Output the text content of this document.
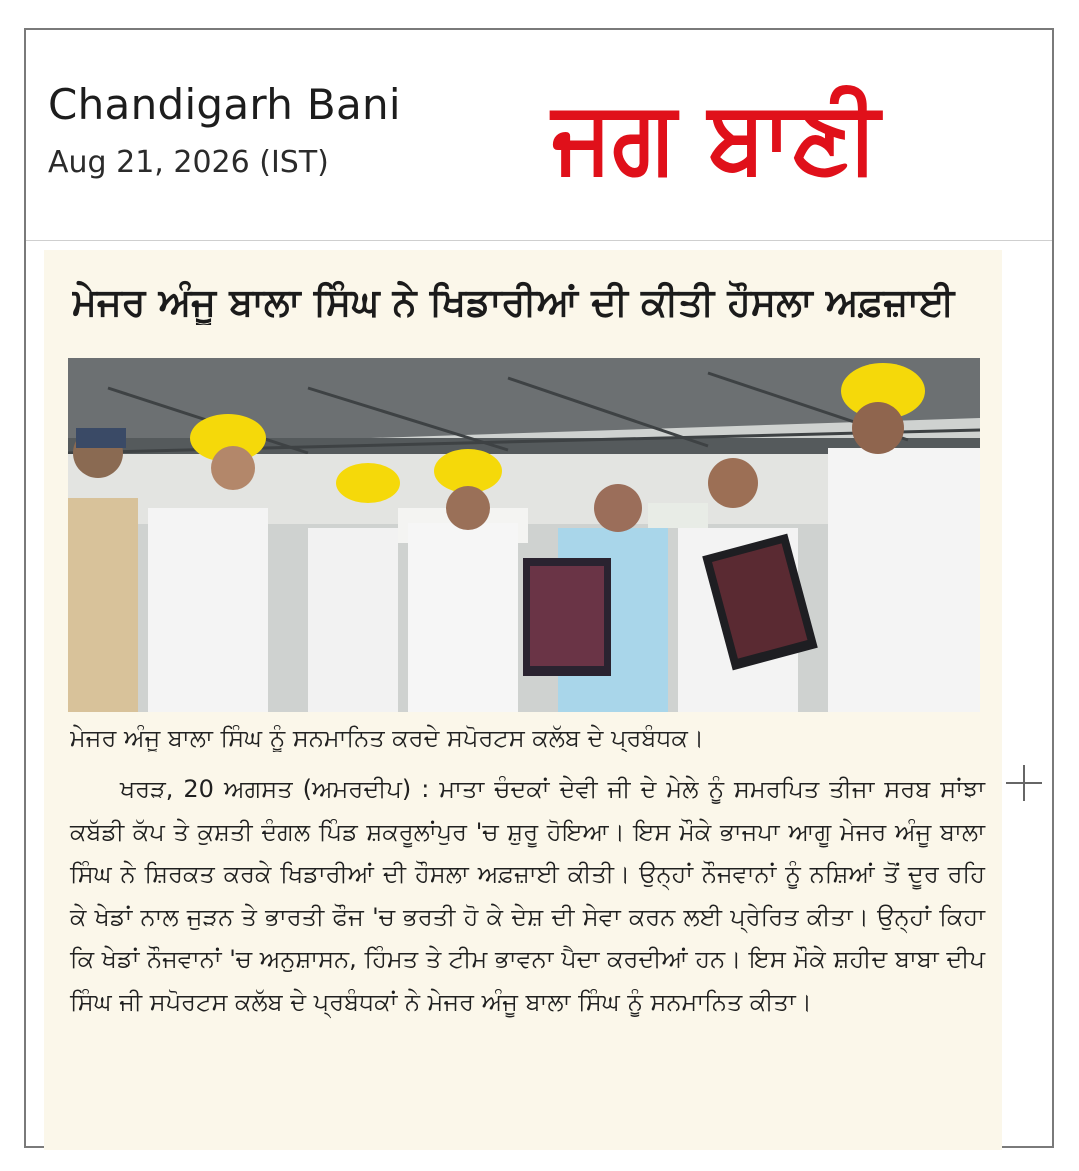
Chandigarh Bani
Aug 21, 2026 (IST) ਜਗ ਬਾਣੀ
ਮੇਜਰ ਅੰਜੂ ਬਾਲਾ ਸਿੰਘ ਨੇ ਖਿਡਾਰੀਆਂ ਦੀ ਕੀਤੀ ਹੌਸਲਾ ਅਫ਼ਜ਼ਾਈ
ਮੇਜਰ ਅੰਜੂ ਬਾਲਾ ਸਿੰਘ ਨੂੰ ਸਨਮਾਨਿਤ ਕਰਦੇ ਸਪੋਰਟਸ ਕਲੱਬ ਦੇ ਪ੍ਰਬੰਧਕ।
ਖਰੜ, 20 ਅਗਸਤ (ਅਮਰਦੀਪ) : ਮਾਤਾ ਚੰਦਕਾਂ ਦੇਵੀ ਜੀ ਦੇ ਮੇਲੇ ਨੂੰ ਸਮਰਪਿਤ ਤੀਜਾ ਸਰਬ ਸਾਂਝਾ ਕਬੱਡੀ ਕੱਪ ਤੇ ਕੁਸ਼ਤੀ ਦੰਗਲ ਪਿੰਡ ਸ਼ਕਰੂਲਾਂਪੁਰ 'ਚ ਸ਼ੁਰੂ ਹੋਇਆ। ਇਸ ਮੌਕੇ ਭਾਜਪਾ ਆਗੂ ਮੇਜਰ ਅੰਜੂ ਬਾਲਾ ਸਿੰਘ ਨੇ ਸ਼ਿਰਕਤ ਕਰਕੇ ਖਿਡਾਰੀਆਂ ਦੀ ਹੌਸਲਾ ਅਫ਼ਜ਼ਾਈ ਕੀਤੀ। ਉਨ੍ਹਾਂ ਨੌਜਵਾਨਾਂ ਨੂੰ ਨਸ਼ਿਆਂ ਤੋਂ ਦੂਰ ਰਹਿ ਕੇ ਖੇਡਾਂ ਨਾਲ ਜੁੜਨ ਤੇ ਭਾਰਤੀ ਫੌਜ 'ਚ ਭਰਤੀ ਹੋ ਕੇ ਦੇਸ਼ ਦੀ ਸੇਵਾ ਕਰਨ ਲਈ ਪ੍ਰੇਰਿਤ ਕੀਤਾ। ਉਨ੍ਹਾਂ ਕਿਹਾ ਕਿ ਖੇਡਾਂ ਨੌਜਵਾਨਾਂ 'ਚ ਅਨੁਸ਼ਾਸਨ, ਹਿੰਮਤ ਤੇ ਟੀਮ ਭਾਵਨਾ ਪੈਦਾ ਕਰਦੀਆਂ ਹਨ। ਇਸ ਮੌਕੇ ਸ਼ਹੀਦ ਬਾਬਾ ਦੀਪ ਸਿੰਘ ਜੀ ਸਪੋਰਟਸ ਕਲੱਬ ਦੇ ਪ੍ਰਬੰਧਕਾਂ ਨੇ ਮੇਜਰ ਅੰਜੂ ਬਾਲਾ ਸਿੰਘ ਨੂੰ ਸਨਮਾਨਿਤ ਕੀਤਾ।
